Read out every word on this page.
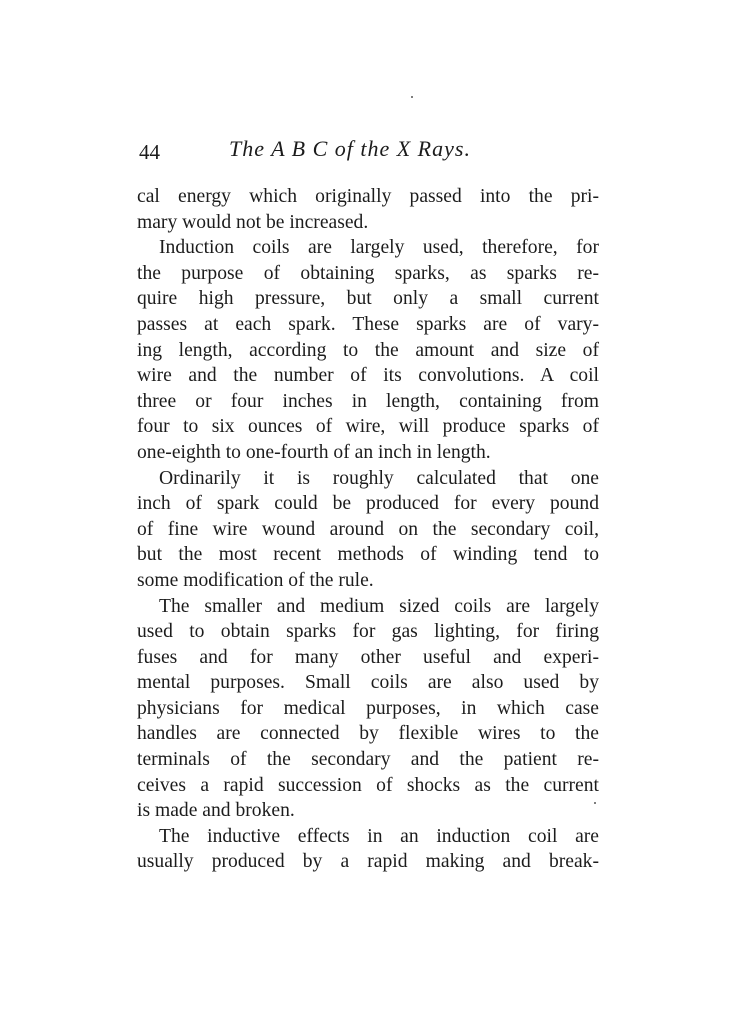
44	The A B C of the X Rays.
cal energy which originally passed into the pri-
mary would not be increased.
Induction coils are largely used, therefore, for
the purpose of obtaining sparks, as sparks re-
quire high pressure, but only a small current
passes at each spark. These sparks are of vary-
ing length, according to the amount and size of
wire and the number of its convolutions. A coil
three or four inches in length, containing from
four to six ounces of wire, will produce sparks of
one-eighth to one-fourth of an inch in length.
Ordinarily it is roughly calculated that one
inch of spark could be produced for every pound
of fine wire wound around on the secondary coil,
but the most recent methods of winding tend to
some modification of the rule.
The smaller and medium sized coils are largely
used to obtain sparks for gas lighting, for firing
fuses and for many other useful and experi-
mental purposes. Small coils are also used by
physicians for medical purposes, in which case
handles are connected by flexible wires to the
terminals of the secondary and the patient re-
ceives a rapid succession of shocks as the current
is made and broken.
The inductive effects in an induction coil are
usually produced by a rapid making and break-
